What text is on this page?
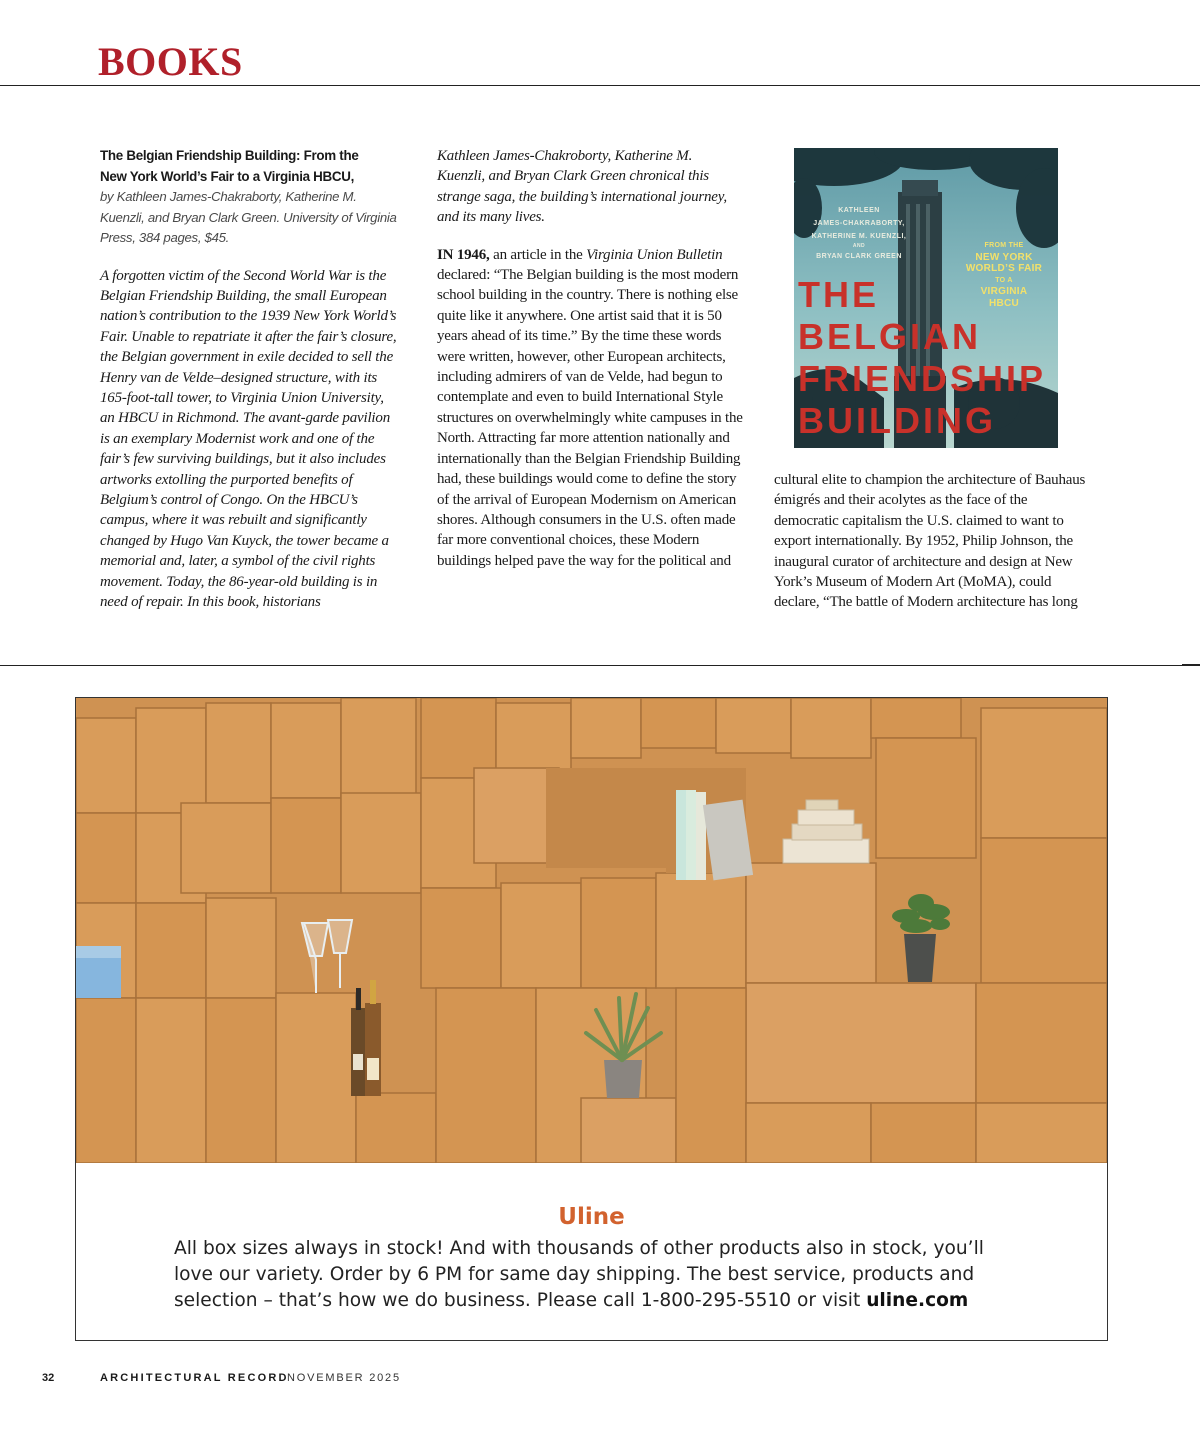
BOOKS

The Belgian Friendship Building: From the
New York World’s Fair to a Virginia HBCU,

by Kathleen James-Chakraborty, Katherine M. Kuenzli, and Bryan Clark Green. University of Virginia Press, 384 pages, $45.

A forgotten victim of the Second World War is the Belgian Friendship Building, the small European nation’s contribution to the 1939 New York World’s Fair. Unable to repatriate it after the fair’s closure, the Belgian government in exile decided to sell the Henry van de Velde–designed structure, with its 165-foot-tall tower, to Virginia Union University, an HBCU in Richmond. The avant-garde pavilion is an exemplary Modernist work and one of the fair’s few surviving buildings, but it also includes artworks extolling the purported benefits of Belgium’s control of Congo. On the HBCU’s campus, where it was rebuilt and significantly changed by Hugo Van Kuyck, the tower became a memorial and, later, a symbol of the civil rights movement. Today, the 86-year-old building is in need of repair. In this book, historians

Kathleen James-Chakroborty, Katherine M. Kuenzli, and Bryan Clark Green chronical this strange saga, the building’s international journey, and its many lives.

IN 1946, an article in the Virginia Union Bulletin declared: “The Belgian building is the most modern school building in the country. There is nothing else quite like it anywhere. One artist said that it is 50 years ahead of its time.” By the time these words were written, however, other European architects, including admirers of van de Velde, had begun to contemplate and even to build International Style structures on overwhelmingly white campuses in the North. Attracting far more attention nationally and internationally than the Belgian Friendship Building had, these buildings would come to define the story of the arrival of European Modernism on American shores. Although consumers in the U.S. often made far more conventional choices, these Modern buildings helped pave the way for the political and

KATHLEEN
JAMES-CHAKRABORTY,
KATHERINE M. KUENZLI,
AND
BRYAN CLARK GREEN
FROM THE
NEW YORK
WORLD’S FAIR
TO A
VIRGINIA
HBCU
THE
BELGIAN
FRIENDSHIP
BUILDING

cultural elite to champion the architecture of Bauhaus émigrés and their acolytes as the face of the democratic capitalism the U.S. claimed to want to export internationally. By 1952, Philip Johnson, the inaugural curator of architecture and design at New York’s Museum of Modern Art (MoMA), could declare, “The battle of Modern architecture has long

Uline
All box sizes always in stock! And with thousands of other products also in stock, you’ll love our variety. Order by 6 PM for same day shipping. The best service, products and selection – that’s how we do business. Please call 1-800-295-5510 or visit uline.com
32	ARCHITECTURAL RECORD
NOVEMBER 2025
